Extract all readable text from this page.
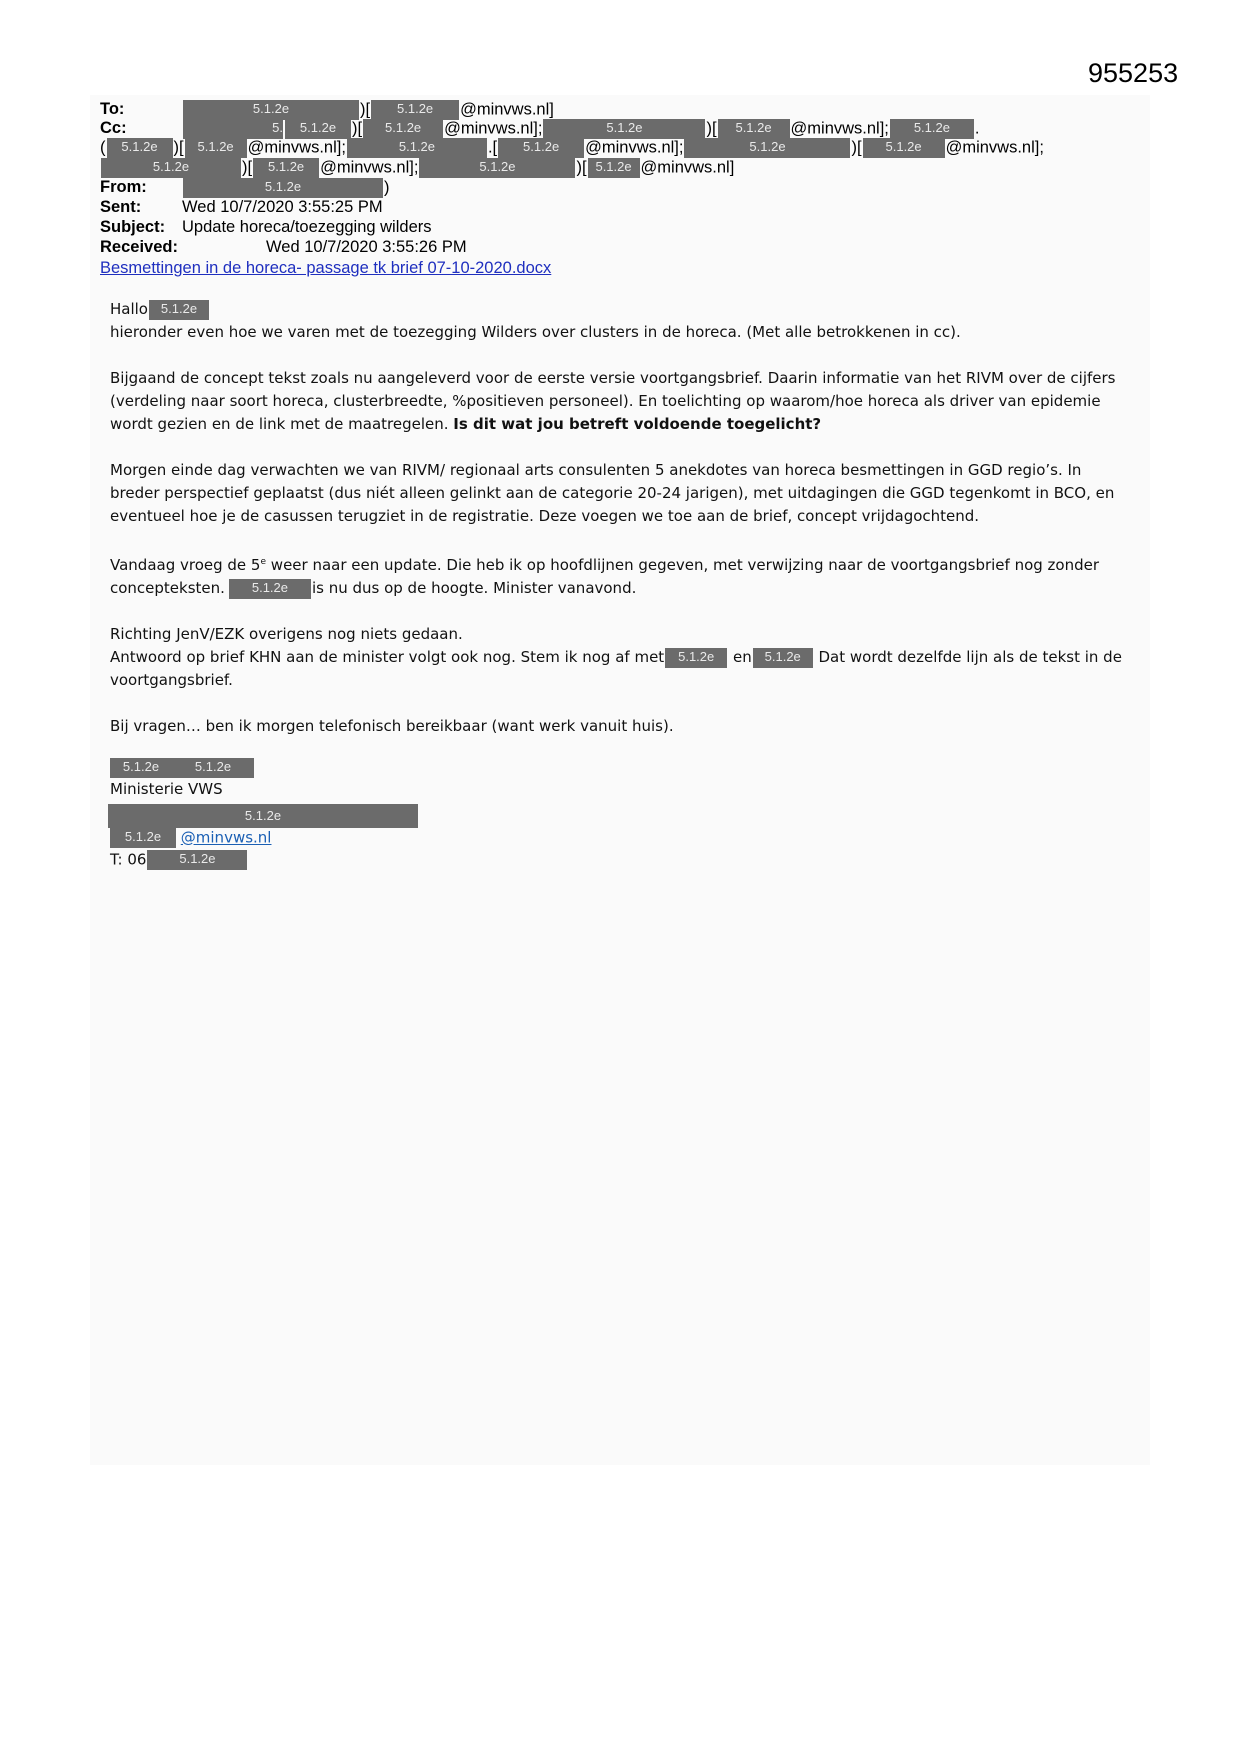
955253
To:	5.1.2e	)[ 5.1.2e @minvws.nl]
Cc:	5. 5.1.2e )[ 5.1.2e @minvws.nl];	5.1.2e	)[ 5.1.2e @minvws.nl]; 5.1.2e .
( 5.1.2e )[ 5.1.2e @minvws.nl];	5.1.2e	.[ 5.1.2e @minvws.nl];	5.1.2e	)[ 5.1.2e @minvws.nl];
5.1.2e	)[ 5.1.2e @minvws.nl];	5.1.2e	)[ 5.1.2e @minvws.nl]
From:	5.1.2e	)
Sent: Wed 10/7/2020 3:55:25 PM
Subject: Update horeca/toezegging wilders
Received:	Wed 10/7/2020 3:55:26 PM
Besmettingen in de horeca- passage tk brief 07-10-2020.docx
Hallo 5.1.2e

hieronder even hoe we varen met de toezegging Wilders over clusters in de horeca. (Met alle betrokkenen in cc).

Bijgaand de concept tekst zoals nu aangeleverd voor de eerste versie voortgangsbrief. Daarin informatie van het RIVM over de cijfers (verdeling naar soort horeca, clusterbreedte, %positieven personeel). En toelichting op waarom/hoe horeca als driver van epidemie wordt gezien en de link met de maatregelen. Is dit wat jou betreft voldoende toegelicht?

Morgen einde dag verwachten we van RIVM/ regionaal arts consulenten 5 anekdotes van horeca besmettingen in GGD regio’s. In breder perspectief geplaatst (dus niét alleen gelinkt aan de categorie 20-24 jarigen), met uitdagingen die GGD tegenkomt in BCO, en eventueel hoe je de casussen terugziet in de registratie. Deze voegen we toe aan de brief, concept vrijdagochtend.

Vandaag vroeg de 5e weer naar een update. Die heb ik op hoofdlijnen gegeven, met verwijzing naar de voortgangsbrief nog zonder concepteksten. 5.1.2e is nu dus op de hoogte. Minister vanavond.

Richting JenV/EZK overigens nog niets gedaan.
Antwoord op brief KHN aan de minister volgt ook nog. Stem ik nog af met 5.1.2e en 5.1.2e Dat wordt dezelfde lijn als de tekst in de voortgangsbrief.

Bij vragen… ben ik morgen telefonisch bereikbaar (want werk vanuit huis).

5.1.2e	5.1.2e
Ministerie VWS
5.1.2e
5.1.2e @minvws.nl
T: 06	5.1.2e
